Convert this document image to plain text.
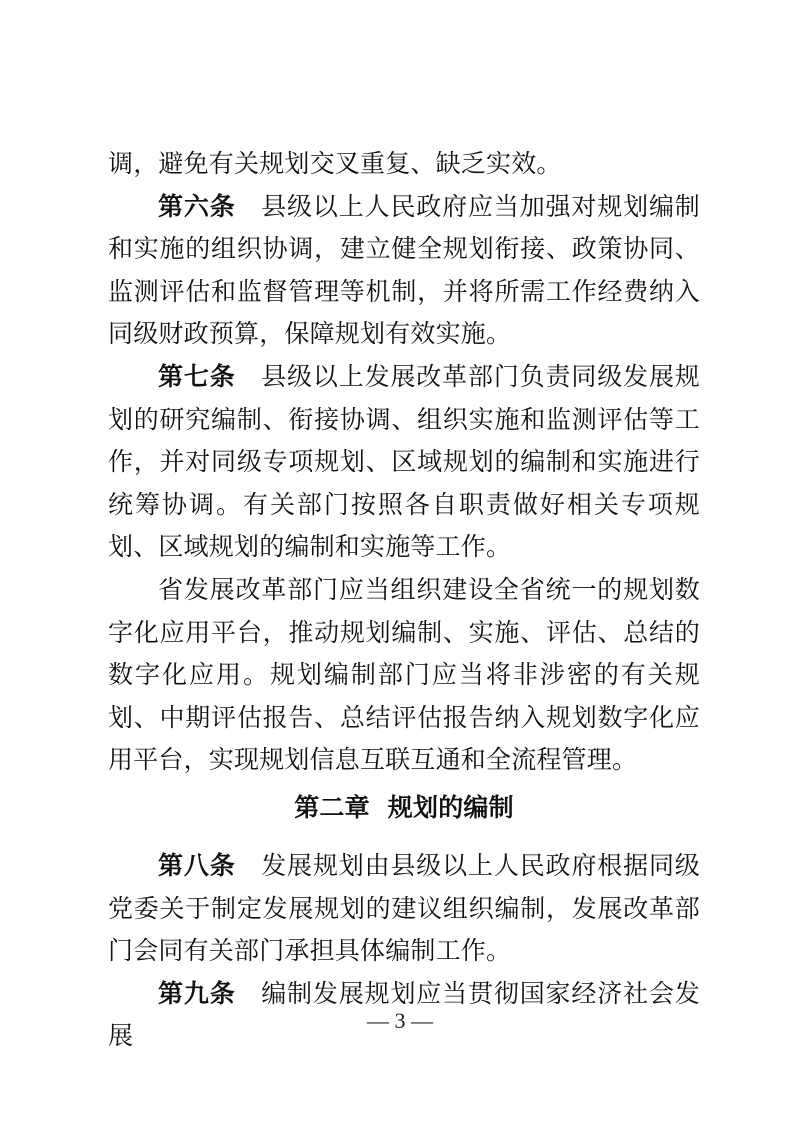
调，避免有关规划交叉重复、缺乏实效。

第六条 县级以上人民政府应当加强对规划编制和实施的组织协调，建立健全规划衔接、政策协同、监测评估和监督管理等机制，并将所需工作经费纳入同级财政预算，保障规划有效实施。

第七条 县级以上发展改革部门负责同级发展规划的研究编制、衔接协调、组织实施和监测评估等工作，并对同级专项规划、区域规划的编制和实施进行统筹协调。有关部门按照各自职责做好相关专项规划、区域规划的编制和实施等工作。

省发展改革部门应当组织建设全省统一的规划数字化应用平台，推动规划编制、实施、评估、总结的数字化应用。规划编制部门应当将非涉密的有关规划、中期评估报告、总结评估报告纳入规划数字化应用平台，实现规划信息互联互通和全流程管理。

第二章 规划的编制

第八条 发展规划由县级以上人民政府根据同级党委关于制定发展规划的建议组织编制，发展改革部门会同有关部门承担具体编制工作。

第九条 编制发展规划应当贯彻国家经济社会发展

— 3 —
